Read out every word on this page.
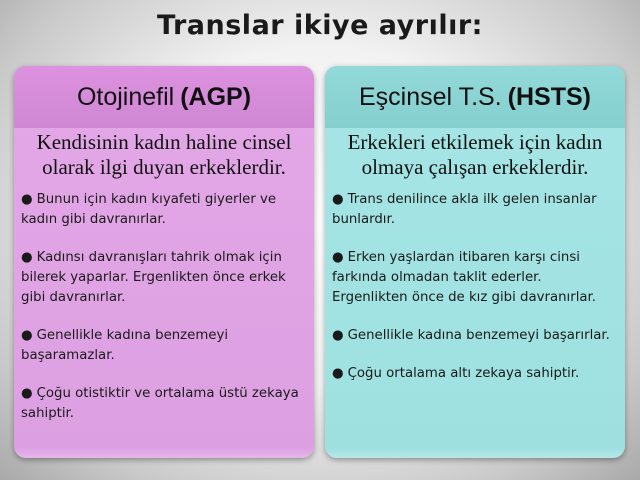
Translar ikiye ayrılır:
Otojinefil (AGP)
Kendisinin kadın haline cinsel olarak ilgi duyan erkeklerdir.
● Bunun için kadın kıyafeti giyerler ve kadın gibi davranırlar.
● Kadınsı davranışları tahrik olmak için bilerek yaparlar. Ergenlikten önce erkek gibi davranırlar.
● Genellikle kadına benzemeyi başaramazlar.
● Çoğu otistiktir ve ortalama üstü zekaya sahiptir.
Eşcinsel T.S. (HSTS)
Erkekleri etkilemek için kadın olmaya çalışan erkeklerdir.
● Trans denilince akla ilk gelen insanlar bunlardır.
● Erken yaşlardan itibaren karşı cinsi farkında olmadan taklit ederler. Ergenlikten önce de kız gibi davranırlar.
● Genellikle kadına benzemeyi başarırlar.
● Çoğu ortalama altı zekaya sahiptir.
